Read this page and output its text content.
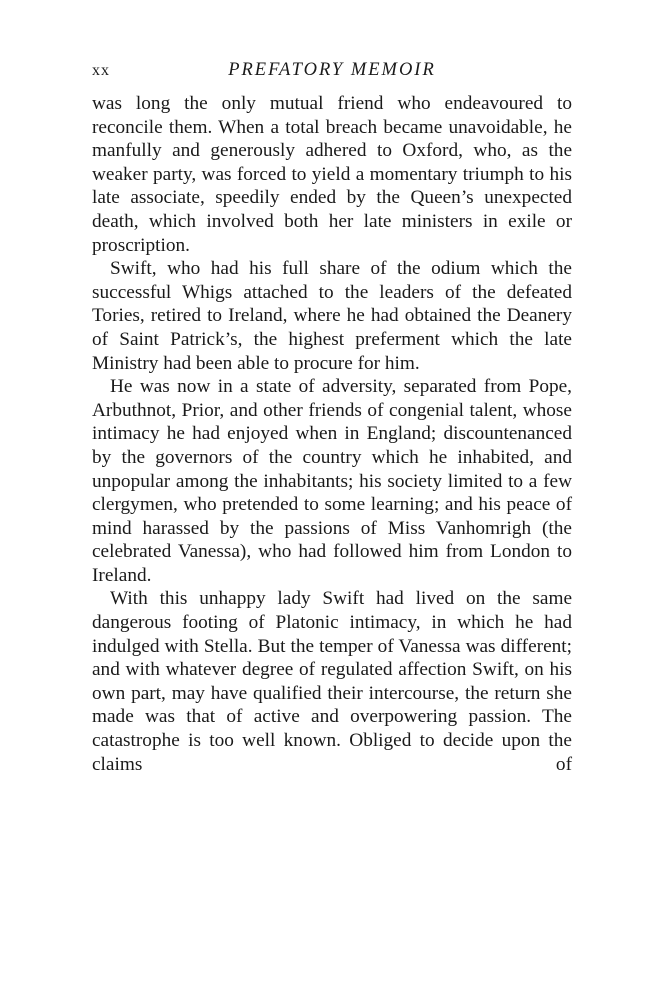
xx	PREFATORY MEMOIR

was long the only mutual friend who endeavoured to reconcile them. When a total breach became unavoidable, he manfully and generously adhered to Oxford, who, as the weaker party, was forced to yield a momentary triumph to his late associate, speedily ended by the Queen’s unexpected death, which involved both her late ministers in exile or proscription.

Swift, who had his full share of the odium which the successful Whigs attached to the leaders of the defeated Tories, retired to Ireland, where he had obtained the Deanery of Saint Patrick’s, the highest preferment which the late Ministry had been able to procure for him.

He was now in a state of adversity, separated from Pope, Arbuthnot, Prior, and other friends of congenial talent, whose intimacy he had enjoyed when in England; discountenanced by the governors of the country which he inhabited, and unpopular among the inhabitants; his society limited to a few clergymen, who pretended to some learning; and his peace of mind harassed by the passions of Miss Vanhomrigh (the celebrated Vanessa), who had followed him from London to Ireland.

With this unhappy lady Swift had lived on the same dangerous footing of Platonic intimacy, in which he had indulged with Stella. But the temper of Vanessa was different; and with whatever degree of regulated affection Swift, on his own part, may have qualified their intercourse, the return she made was that of active and overpowering passion. The catastrophe is too well known. Obliged to decide upon the claims of
